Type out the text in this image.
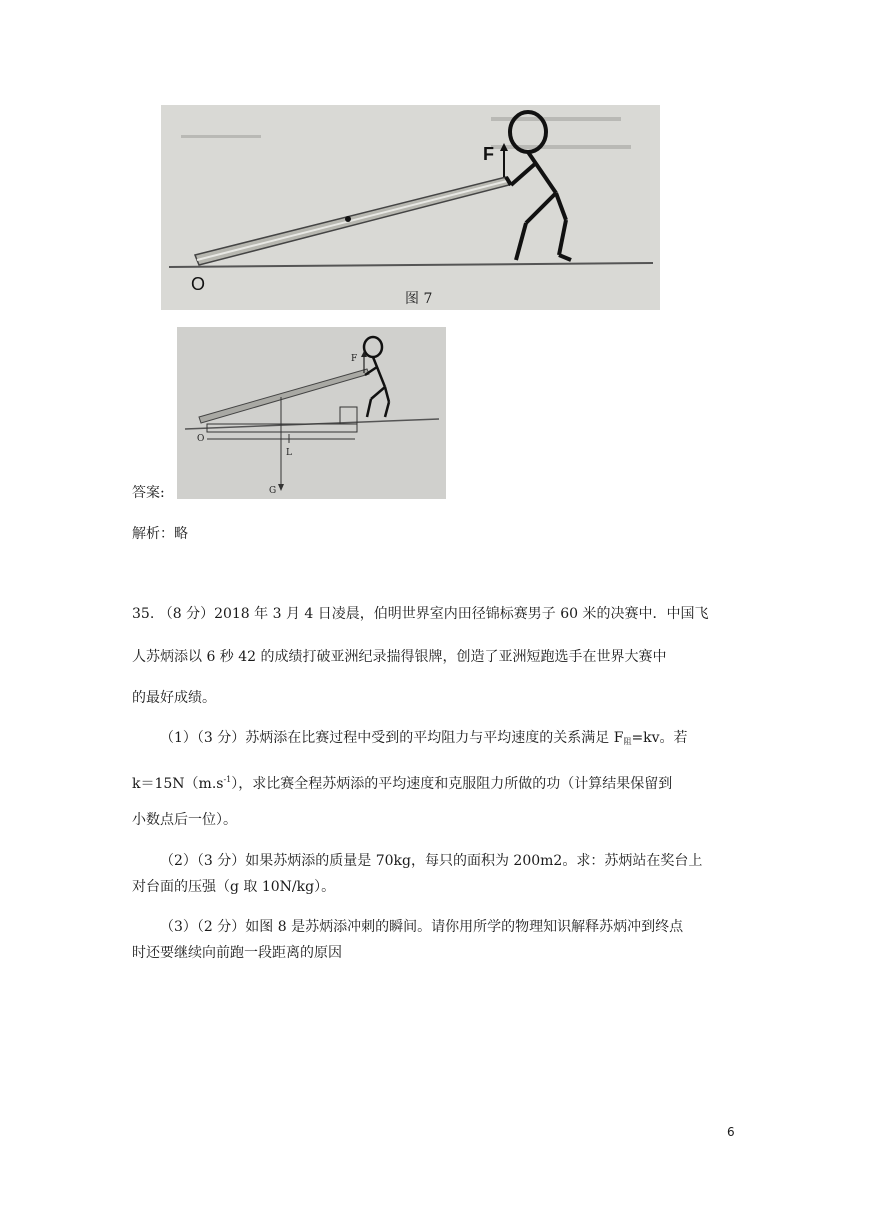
F
O
图 7
F
O
L
G
答案:
解析：略
35. （8 分）2018 年 3 月 4 日凌晨，伯明世界室内田径锦标赛男子 60 米的决赛中．中国飞
人苏炳添以 6 秒 42 的成绩打破亚洲纪录揣得银牌，创造了亚洲短跑选手在世界大赛中
的最好成绩。
（1）（3 分）苏炳添在比赛过程中受到的平均阻力与平均速度的关系满足 $F_阻=kv$。若
$k=15N(m.s^{-1})$，求比赛全程苏炳添的平均速度和克服阻力所做的功（计算结果保留到
小数点后一位）。
（2）（3 分）如果苏炳添的质量是 70kg，每只的面积为 200m2。求：苏炳站在奖台上
对台面的压强（g 取 10N/kg）。
（3）（2 分）如图 8 是苏炳添冲刺的瞬间。请你用所学的物理知识解释苏炳冲到终点
时还要继续向前跑一段距离的原因
6
